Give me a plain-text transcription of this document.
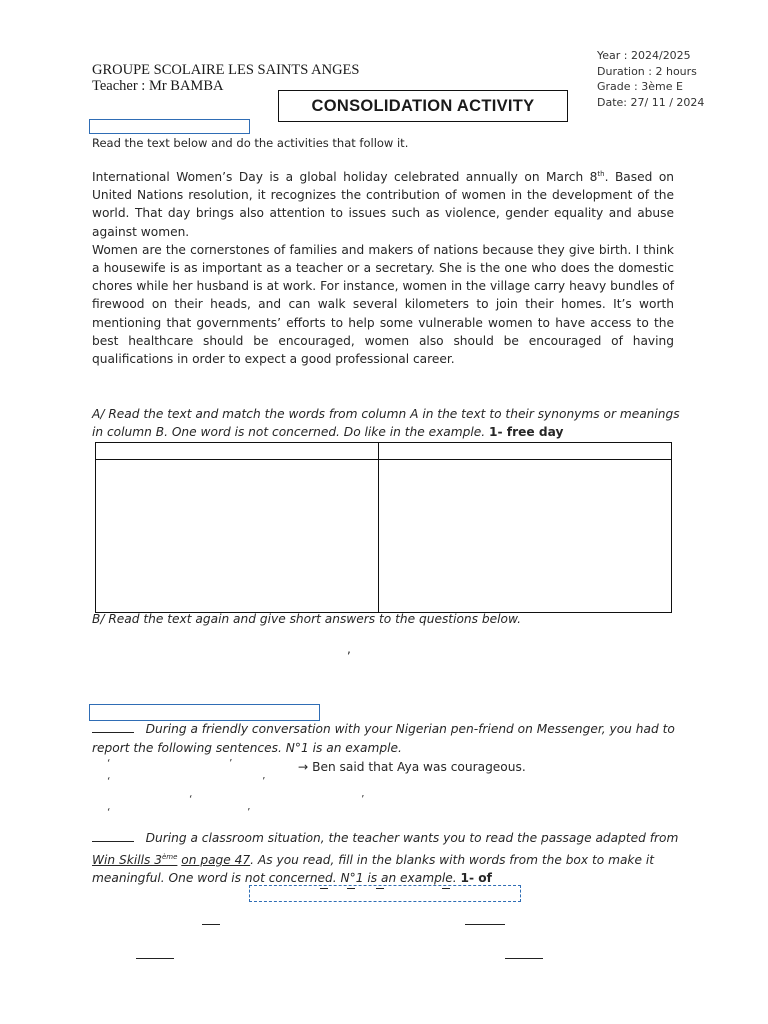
GROUPE SCOLAIRE LES SAINTS ANGES
Teacher : Mr BAMBA
Year : 2024/2025
Duration : 2 hours
Grade : 3ème E
Date: 27/ 11 / 2024
CONSOLIDATION ACTIVITY
Read the text below and do the activities that follow it.

International Women’s Day is a global holiday celebrated annually on March 8th. Based on United Nations resolution, it recognizes the contribution of women in the development of the world. That day brings also attention to issues such as violence, gender equality and abuse against women.

Women are the cornerstones of families and makers of nations because they give birth. I think a housewife is as important as a teacher or a secretary. She is the one who does the domestic chores while her husband is at work. For instance, women in the village carry heavy bundles of firewood on their heads, and can walk several kilometers to join their homes. It’s worth mentioning that governments’ efforts to help some vulnerable women to have access to the best healthcare should be encouraged, women also should be encouraged of having qualifications in order to expect a good professional career.

A/ Read the text and match the words from column A in the text to their synonyms or meanings in column B. One word is not concerned. Do like in the example. 1- free day
B/ Read the text again and give short answers to the questions below.
,
During a friendly conversation with your Nigerian pen-friend on Messenger, you had to report the following sentences. N°1 is an example.
‘	’	→ Ben said that Aya was courageous.
‘	’
‘	’
‘	’
During a classroom situation, the teacher wants you to read the passage adapted from Win Skills 3ème on page 47. As you read, fill in the blanks with words from the box to make it meaningful. One word is not concerned. N°1 is an example. 1- of
